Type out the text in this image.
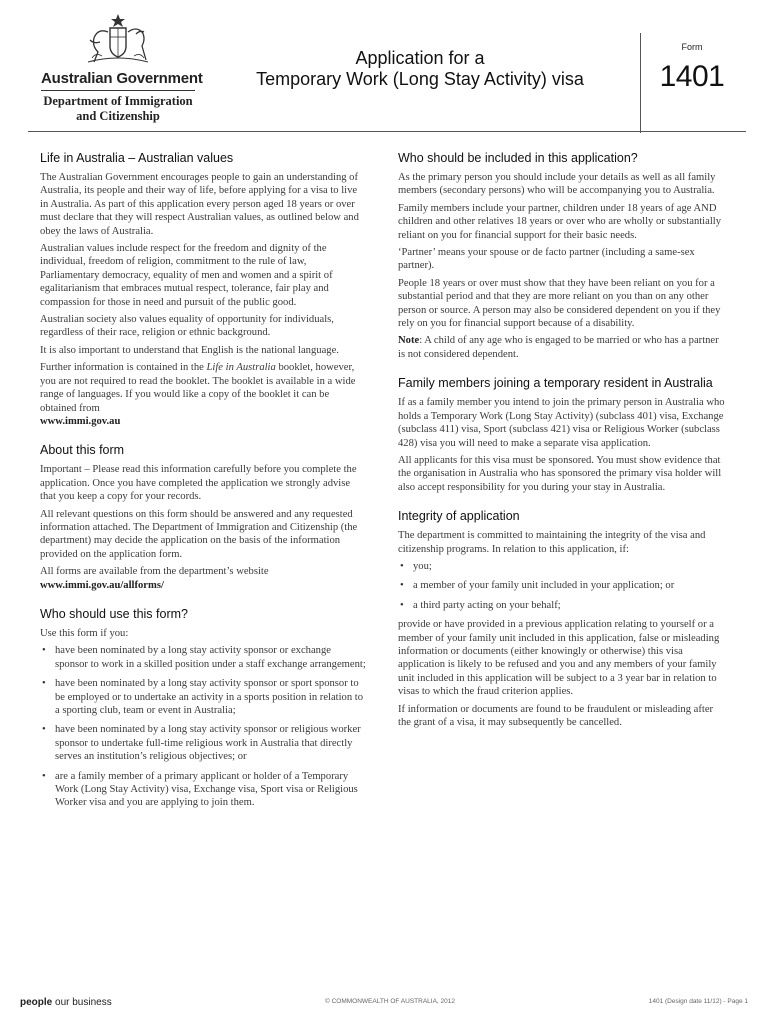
Australian Government
Department of Immigration and Citizenship
Application for a
Temporary Work (Long Stay Activity) visa
Form
1401
Life in Australia – Australian values

The Australian Government encourages people to gain an understanding of Australia, its people and their way of life, before applying for a visa to live in Australia. As part of this application every person aged 18 years or over must declare that they will respect Australian values, as outlined below and obey the laws of Australia.

Australian values include respect for the freedom and dignity of the individual, freedom of religion, commitment to the rule of law, Parliamentary democracy, equality of men and women and a spirit of egalitarianism that embraces mutual respect, tolerance, fair play and compassion for those in need and pursuit of the public good.

Australian society also values equality of opportunity for individuals, regardless of their race, religion or ethnic background.

It is also important to understand that English is the national language.

Further information is contained in the Life in Australia booklet, however, you are not required to read the booklet. The booklet is available in a wide range of languages. If you would like a copy of the booklet it can be obtained from
www.immi.gov.au

About this form

Important – Please read this information carefully before you complete the application. Once you have completed the application we strongly advise that you keep a copy for your records.

All relevant questions on this form should be answered and any requested information attached. The Department of Immigration and Citizenship (the department) may decide the application on the basis of the information provided on the application form.

All forms are available from the department’s website
www.immi.gov.au/allforms/

Who should use this form?

Use this form if you:

• have been nominated by a long stay activity sponsor or exchange sponsor to work in a skilled position under a staff exchange arrangement;
• have been nominated by a long stay activity sponsor or sport sponsor to be employed or to undertake an activity in a sports position in relation to a sporting club, team or event in Australia;
• have been nominated by a long stay activity sponsor or religious worker sponsor to undertake full-time religious work in Australia that directly serves an institution’s religious objectives; or
• are a family member of a primary applicant or holder of a Temporary Work (Long Stay Activity) visa, Exchange visa, Sport visa or Religious Worker visa and you are applying to join them.
Who should be included in this application?

As the primary person you should include your details as well as all family members (secondary persons) who will be accompanying you to Australia.

Family members include your partner, children under 18 years of age AND children and other relatives 18 years or over who are wholly or substantially reliant on you for financial support for their basic needs.

‘Partner’ means your spouse or de facto partner (including a same-sex partner).

People 18 years or over must show that they have been reliant on you for a substantial period and that they are more reliant on you than on any other person or source. A person may also be considered dependent on you if they rely on you for financial support because of a disability.

Note: A child of any age who is engaged to be married or who has a partner is not considered dependent.

Family members joining a temporary resident in Australia

If as a family member you intend to join the primary person in Australia who holds a Temporary Work (Long Stay Activity) (subclass 401) visa, Exchange (subclass 411) visa, Sport (subclass 421) visa or Religious Worker (subclass 428) visa you will need to make a separate visa application.

All applicants for this visa must be sponsored. You must show evidence that the organisation in Australia who has sponsored the primary visa holder will also accept responsibility for you during your stay in Australia.

Integrity of application

The department is committed to maintaining the integrity of the visa and citizenship programs. In relation to this application, if:

• you;
• a member of your family unit included in your application; or
• a third party acting on your behalf;

provide or have provided in a previous application relating to yourself or a member of your family unit included in this application, false or misleading information or documents (either knowingly or otherwise) this visa application is likely to be refused and you and any members of your family unit included in this application will be subject to a 3 year bar in relation to visas to which the fraud criterion applies.

If information or documents are found to be fraudulent or misleading after the grant of a visa, it may subsequently be cancelled.

people our business	© COMMONWEALTH OF AUSTRALIA, 2012	1401 (Design date 11/12) - Page 1
